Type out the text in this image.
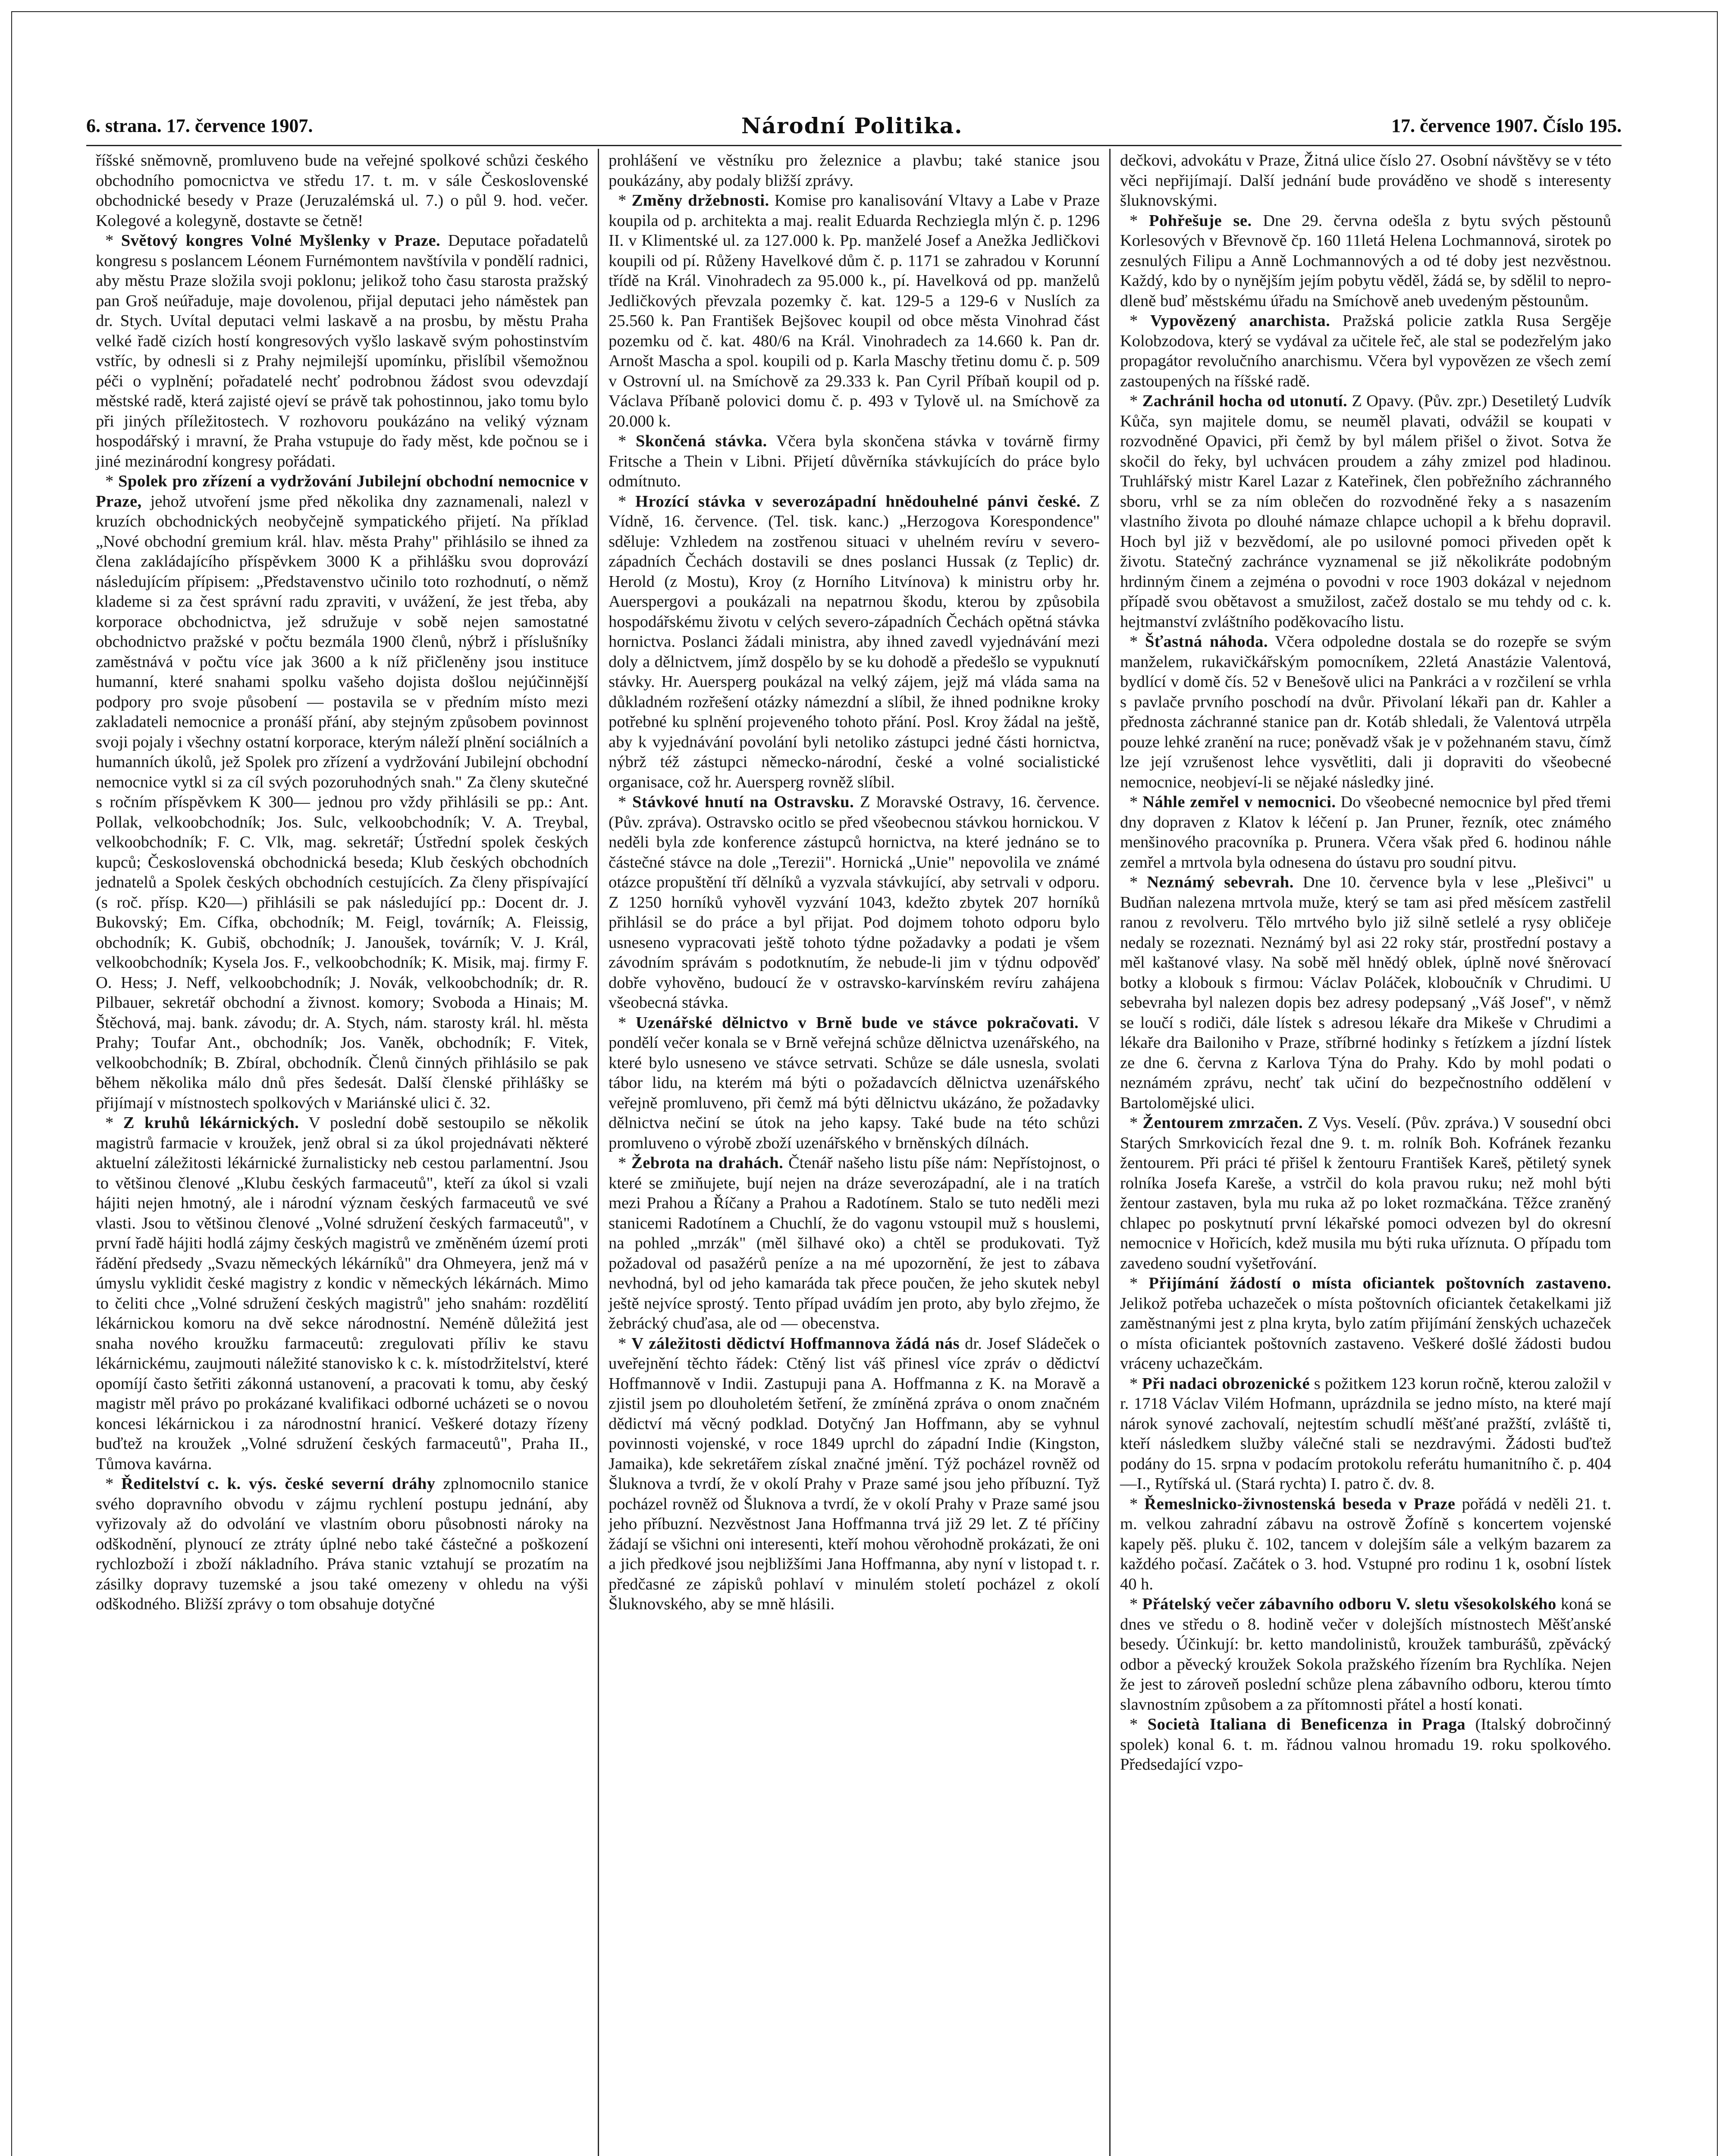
6. strana. 17. července 1907.	Národní Politika.	17. července 1907. Číslo 195.

říšské sněmovně, promluveno bude na veřejné spolkové schůzi českého obchodního pomocnictva ve středu 17. t. m. v sále Československé obchodnické besedy v Praze (Jeruzalémská ul. 7.) o půl 9. hod. večer. Kolegové a kolegyně, dostavte se četně!

* Světový kongres Volné Myšlenky v Praze. Deputace pořadatelů kongresu s poslancem Léonem Furnémontem navštívila v pondělí radnici, aby městu Praze složila svoji poklonu; jelikož toho času starosta pražský pan Groš neúřaduje, maje dovolenou, přijal deputaci jeho náměstek pan dr. Stych. Uvítal deputaci velmi laskavě a na prosbu, by městu Praha velké řadě cizích hostí kongresových vyšlo laskavě svým pohostinstvím vstříc, by odnesli si z Prahy nejmilejší upomínku, přislíbil všemožnou péči o vyplnění; pořadatelé nechť podrobnou žádost svou odevzdají městské radě, která zajisté ojeví se právě tak pohostinnou, jako tomu bylo při jiných příležitostech. V rozhovoru poukázáno na veliký význam hospodářský i mravní, že Praha vstupuje do řady měst, kde počnou se i jiné mezinárodní kongresy pořádati.

* Spolek pro zřízení a vydržování Jubilejní obchodní nemocnice v Praze, jehož utvoření jsme před několika dny zaznamenali, nalezl v kruzích obchodnických neobyčejně sympatického přijetí. Na příklad „Nové obchodní gremium král. hlav. města Prahy" přihlásilo se ihned za člena zakládajícího příspěvkem 3000 K a přihlášku svou doprovází následujícím přípisem: „Představenstvo učinilo toto rozhodnutí, o němž klademe si za čest správní radu zpraviti, v uvážení, že jest třeba, aby korporace obchodnictva, jež sdružuje v sobě nejen samostatné obchodnictvo pražské v počtu bezmála 1900 členů, nýbrž i příslušníky zaměstnává v počtu více jak 3600 a k níž přičleněny jsou instituce humanní, které snahami spolku vašeho dojista došlou nejúčinnější podpory pro svoje působení — postavila se v předním místo mezi zakladateli nemocnice a pronáší přání, aby stejným způsobem povinnost svoji pojaly i všechny ostatní korporace, kterým náleží plnění sociálních a humanních úkolů, jež Spolek pro zřízení a vydržování Jubilejní obchodní nemocnice vytkl si za cíl svých pozoruhodných snah." Za členy skutečné s ročním příspěvkem K 300— jednou pro vždy přihlásili se pp.: Ant. Pollak, velkoobchodník; Jos. Sulc, velkoobchodník; V. A. Treybal, velkoobchodník; F. C. Vlk, mag. sekretář; Ústřední spolek českých kupců; Československá obchodnická beseda; Klub českých obchodních jednatelů a Spolek českých obchodních cestujících. Za členy přispívající (s roč. přísp. K20—) přihlásili se pak následující pp.: Docent dr. J. Bukovský; Em. Cífka, obchodník; M. Feigl, továrník; A. Fleissig, obchodník; K. Gubiš, obchodník; J. Janoušek, továrník; V. J. Král, velkoobchodník; Kysela Jos. F., velkoobchodník; K. Misik, maj. firmy F. O. Hess; J. Neff, velkoobchodník; J. Novák, velkoobchodník; dr. R. Pilbauer, sekretář obchodní a živnost. komory; Svoboda a Hinais; M. Štěchová, maj. bank. závodu; dr. A. Stych, nám. starosty král. hl. města Prahy; Toufar Ant., obchodník; Jos. Vaněk, obchodník; F. Vitek, velkoobchodník; B. Zbíral, obchodník. Členů činných přihlásilo se pak během několika málo dnů přes šedesát. Další členské přihlášky se přijímají v místnostech spolkových v Mariánské ulici č. 32.

* Z kruhů lékárnických. V poslední době sestoupilo se několik magistrů farmacie v kroužek, jenž obral si za úkol projednávati některé aktuelní záležitosti lékárnické žurnalisticky neb cestou parlamentní. Jsou to většinou členové „Klubu českých farmaceutů", kteří za úkol si vzali hájiti nejen hmotný, ale i národní význam českých farmaceutů ve své vlasti. Jsou to většinou členové „Volné sdružení českých farmaceutů", v první řadě hájiti hodlá zájmy českých magistrů ve změněném území proti řádění předsedy „Svazu německých lékárníků" dra Ohmeyera, jenž má v úmyslu vyklidit české magistry z kondic v německých lékárnách. Mimo to čeliti chce „Volné sdružení českých magistrů" jeho snahám: rozdělití lékárnickou komoru na dvě sekce národnostní. Neméně důležitá jest snaha nového kroužku farmaceutů: zregulovati příliv ke stavu lékárnickému, zaujmouti náležité stanovisko k c. k. místodržitelství, které opomíjí často šetřiti zákonná ustanovení, a pracovati k tomu, aby český magistr měl právo po prokázané kvalifikaci odborné ucházeti se o novou koncesi lékárnickou i za národnostní hranicí. Veškeré dotazy řízeny buďtež na kroužek „Volné sdružení českých farmaceutů", Praha II., Tůmova kavárna.

* Ředitelství c. k. výs. české severní dráhy zplnomocnilo stanice svého dopravního obvodu v zájmu rychlení postupu jednání, aby vyřizovaly až do odvolání ve vlastním oboru působnosti nároky na odškodnění, plynoucí ze ztráty úplné nebo také částečné a poškození rychlozboží i zboží nákladního. Práva stanic vztahují se prozatím na zásilky dopravy tuzemské a jsou také omezeny v ohledu na výši odškodného. Bližší zprávy o tom obsahuje dotyčné

prohlášení ve věstníku pro železnice a plavbu; také stanice jsou poukázány, aby podaly bližší zprávy.

* Změny držebnosti. Komise pro kanalisování Vltavy a Labe v Praze koupila od p. architekta a maj. realit Eduarda Rechziegla mlýn č. p. 1296 II. v Klimentské ul. za 127.000 k. Pp. manželé Josef a Anežka Jedličkovi koupili od pí. Růženy Havelkové dům č. p. 1171 se zahradou v Korunní třídě na Král. Vinohradech za 95.000 k., pí. Havelková od pp. manželů Jedličkových převzala pozemky č. kat. 129-5 a 129-6 v Nuslích za 25.560 k. Pan František Bejšovec koupil od obce města Vinohrad část pozemku od č. kat. 480/6 na Král. Vinohradech za 14.660 k. Pan dr. Arnošt Mascha a spol. koupili od p. Karla Maschy třetinu domu č. p. 509 v Ostrovní ul. na Smíchově za 29.333 k. Pan Cyril Příbaň koupil od p. Václava Příbaně polovici domu č. p. 493 v Tylově ul. na Smíchově za 20.000 k.

* Skončená stávka. Včera byla skončena stávka v továrně firmy Fritsche a Thein v Libni. Přijetí důvěrníka stávkujících do práce bylo odmítnuto.

* Hrozící stávka v severozápadní hnědouhelné pánvi české. Z Vídně, 16. července. (Tel. tisk. kanc.) „Herzogova Korespondence" sděluje: Vzhledem na zostřenou situaci v uhelném revíru v severo-západních Čechách dostavili se dnes poslanci Hussak (z Teplic) dr. Herold (z Mostu), Kroy (z Horního Litvínova) k ministru orby hr. Auerspergovi a poukázali na nepatrnou škodu, kterou by způsobila hospodářskému životu v celých severo-západních Čechách opětná stávka hornictva. Poslanci žádali ministra, aby ihned zavedl vyjednávání mezi doly a dělnictvem, jímž dospělo by se ku dohodě a předešlo se vypuknutí stávky. Hr. Auersperg poukázal na velký zájem, jejž má vláda sama na důkladném rozřešení otázky námezdní a slíbil, že ihned podnikne kroky potřebné ku splnění projeveného tohoto přání. Posl. Kroy žádal na ještě, aby k vyjednávání povolání byli netoliko zástupci jedné části hornictva, nýbrž též zástupci německo-národní, české a volné socialistické organisace, což hr. Auersperg rovněž slíbil.

* Stávkové hnutí na Ostravsku. Z Moravské Ostravy, 16. července. (Pův. zpráva). Ostravsko ocitlo se před všeobecnou stávkou hornickou. V neděli byla zde konference zástupců hornictva, na které jednáno se to částečné stávce na dole „Terezii". Hornická „Unie" nepovolila ve známé otázce propuštění tří dělníků a vyzvala stávkující, aby setrvali v odporu. Z 1250 horníků vyhověl vyzvání 1043, kdežto zbytek 207 horníků přihlásil se do práce a byl přijat. Pod dojmem tohoto odporu bylo usneseno vypracovati ještě tohoto týdne požadavky a podati je všem závodním správám s podotknutím, že nebude-li jim v týdnu odpověď dobře vyhověno, budoucí že v ostravsko-karvínském revíru zahájena všeobecná stávka.

* Uzenářské dělnictvo v Brně bude ve stávce pokračovati. V pondělí večer konala se v Brně veřejná schůze dělnictva uzenářského, na které bylo usneseno ve stávce setrvati. Schůze se dále usnesla, svolati tábor lidu, na kterém má býti o požadavcích dělnictva uzenářského veřejně promluveno, při čemž má býti dělnictvu ukázáno, že požadavky dělnictva nečiní se útok na jeho kapsy. Také bude na této schůzi promluveno o výrobě zboží uzenářského v brněnských dílnách.

* Žebrota na drahách. Čtenář našeho listu píše nám: Nepřístojnost, o které se zmiňujete, bují nejen na dráze severozápadní, ale i na tratích mezi Prahou a Říčany a Prahou a Radotínem. Stalo se tuto neděli mezi stanicemi Radotínem a Chuchlí, že do vagonu vstoupil muž s houslemi, na pohled „mrzák" (měl šilhavé oko) a chtěl se produkovati. Tyž požadoval od pasažérů peníze a na mé upozornění, že jest to zábava nevhodná, byl od jeho kamaráda tak přece poučen, že jeho skutek nebyl ještě nejvíce sprostý. Tento případ uvádím jen proto, aby bylo zřejmo, že žebrácký chuďasa, ale od — obecenstva.

* V záležitosti dědictví Hoffmannova žádá nás dr. Josef Sládeček o uveřejnění těchto řádek: Ctěný list váš přinesl více zpráv o dědictví Hoffmannově v Indii. Zastupuji pana A. Hoffmanna z K. na Moravě a zjistil jsem po dlouholetém šetření, že zmíněná zpráva o onom značném dědictví má věcný podklad. Dotyčný Jan Hoffmann, aby se vyhnul povinnosti vojenské, v roce 1849 uprchl do západní Indie (Kingston, Jamaika), kde sekretářem získal značné jmění. Týž pocházel rovněž od Šluknova a tvrdí, že v okolí Prahy v Praze samé jsou jeho příbuzní. Tyž pocházel rovněž od Šluknova a tvrdí, že v okolí Prahy v Praze samé jsou jeho příbuzní. Nezvěstnost Jana Hoffmanna trvá již 29 let. Z té příčiny žádají se všichni oni interesenti, kteří mohou věrohodně prokázati, že oni a jich předkové jsou nejbližšími Jana Hoffmanna, aby nyní v listopad t. r. předčasné ze zápisků pohlaví v minulém století pocházel z okolí Šluknovského, aby se mně hlásili.

dečkovi, advokátu v Praze, Žitná ulice číslo 27. Osobní návštěvy se v této věci nepřijímají. Další jednání bude prováděno ve shodě s interesenty šluknovskými.

* Pohřešuje se. Dne 29. června odešla z bytu svých pěstounů Korlesových v Břevnově čp. 160 11letá Helena Lochmannová, sirotek po zesnulých Filipu a Anně Lochmannových a od té doby jest nezvěstnou. Každý, kdo by o nynějším jejím pobytu věděl, žádá se, by sdělil to nepro-dleně buď městskému úřadu na Smíchově aneb uvedeným pěstounům.

* Vypovězený anarchista. Pražská policie zatkla Rusa Sergěje Kolobzodova, který se vydával za učitele řeč, ale stal se podezřelým jako propagátor revolučního anarchismu. Včera byl vypovězen ze všech zemí zastoupených na říšské radě.

* Zachránil hocha od utonutí. Z Opavy. (Pův. zpr.) Desetiletý Ludvík Kůča, syn majitele domu, se neuměl plavati, odvážil se koupati v rozvodněné Opavici, při čemž by byl málem přišel o život. Sotva že skočil do řeky, byl uchvácen proudem a záhy zmizel pod hladinou. Truhlářský mistr Karel Lazar z Kateřinek, člen pobřežního záchranného sboru, vrhl se za ním oblečen do rozvodněné řeky a s nasazením vlastního života po dlouhé námaze chlapce uchopil a k břehu dopravil. Hoch byl již v bezvědomí, ale po usilovné pomoci přiveden opět k životu. Statečný zachránce vyznamenal se již několikráte podobným hrdinným činem a zejména o povodni v roce 1903 dokázal v nejednom případě svou obětavost a smužilost, začež dostalo se mu tehdy od c. k. hejtmanství zvláštního poděkovacího listu.

* Šťastná náhoda. Včera odpoledne dostala se do rozepře se svým manželem, rukavičkářským pomocníkem, 22letá Anastázie Valentová, bydlící v domě čís. 52 v Benešově ulici na Pankráci a v rozčilení se vrhla s pavlače prvního poschodí na dvůr. Přivolaní lékaři pan dr. Kahler a přednosta záchranné stanice pan dr. Kotáb shledali, že Valentová utrpěla pouze lehké zranění na ruce; poněvadž však je v požehnaném stavu, čímž lze její vzrušenost lehce vysvětliti, dali ji dopraviti do všeobecné nemocnice, neobjeví-li se nějaké následky jiné.

* Náhle zemřel v nemocnici. Do všeobecné nemocnice byl před třemi dny dopraven z Klatov k léčení p. Jan Pruner, řezník, otec známého menšinového pracovníka p. Prunera. Včera však před 6. hodinou náhle zemřel a mrtvola byla odnesena do ústavu pro soudní pitvu.

* Neznámý sebevrah. Dne 10. července byla v lese „Plešivci" u Budňan nalezena mrtvola muže, který se tam asi před měsícem zastřelil ranou z revolveru. Tělo mrtvého bylo již silně setlelé a rysy obličeje nedaly se rozeznati. Neznámý byl asi 22 roky stár, prostřední postavy a měl kaštanové vlasy. Na sobě měl hnědý oblek, úplně nové šněrovací botky a klobouk s firmou: Václav Poláček, kloboučník v Chrudimi. U sebevraha byl nalezen dopis bez adresy podepsaný „Váš Josef", v němž se loučí s rodiči, dále lístek s adresou lékaře dra Mikeše v Chrudimi a lékaře dra Bailoniho v Praze, stříbrné hodinky s řetízkem a jízdní lístek ze dne 6. června z Karlova Týna do Prahy. Kdo by mohl podati o neznámém zprávu, nechť tak učiní do bezpečnostního oddělení v Bartolomějské ulici.

* Žentourem zmrzačen. Z Vys. Veselí. (Pův. zpráva.) V sousední obci Starých Smrkovicích řezal dne 9. t. m. rolník Boh. Kofránek řezanku žentourem. Při práci té přišel k žentouru František Kareš, pětiletý synek rolníka Josefa Kareše, a vstrčil do kola pravou ruku; než mohl býti žentour zastaven, byla mu ruka až po loket rozmačkána. Těžce zraněný chlapec po poskytnutí první lékařské pomoci odvezen byl do okresní nemocnice v Hořicích, kdež musila mu býti ruka uříznuta. O případu tom zavedeno soudní vyšetřování.

* Přijímání žádostí o místa oficiantek poštovních zastaveno. Jelikož potřeba uchazeček o místa poštovních oficiantek četakelkami již zaměstnanými jest z plna kryta, bylo zatím přijímání ženských uchazeček o místa oficiantek poštovních zastaveno. Veškeré došlé žádosti budou vráceny uchazečkám.

* Při nadaci obrozenické s požitkem 123 korun ročně, kterou založil v r. 1718 Václav Vilém Hofmann, uprázdnila se jedno místo, na které mají nárok synové zachovalí, nejtestím schudlí měšťané pražští, zvláště ti, kteří následkem služby válečné stali se nezdravými. Žádosti buďtež podány do 15. srpna v podacím protokolu referátu humanitního č. p. 404—I., Rytířská ul. (Stará rychta) I. patro č. dv. 8.

* Řemeslnicko-živnostenská beseda v Praze pořádá v neděli 21. t. m. velkou zahradní zábavu na ostrově Žofíně s koncertem vojenské kapely pěš. pluku č. 102, tancem v dolejším sále a velkým bazarem za každého počasí. Začátek o 3. hod. Vstupné pro rodinu 1 k, osobní lístek 40 h.

* Přátelský večer zábavního odboru V. sletu všesokolského koná se dnes ve středu o 8. hodině večer v dolejších místnostech Měšťanské besedy. Účinkují: br. ketto mandolinistů, kroužek tamburášů, zpěvácký odbor a pěvecký kroužek Sokola pražského řízením bra Rychlíka. Nejen že jest to zároveň poslední schůze plena zábavního odboru, kterou tímto slavnostním způsobem a za přítomnosti přátel a hostí konati.

* Società Italiana di Beneficenza in Praga (Italský dobročinný spolek) konal 6. t. m. řádnou valnou hromadu 19. roku spolkového. Předsedající vzpo-
